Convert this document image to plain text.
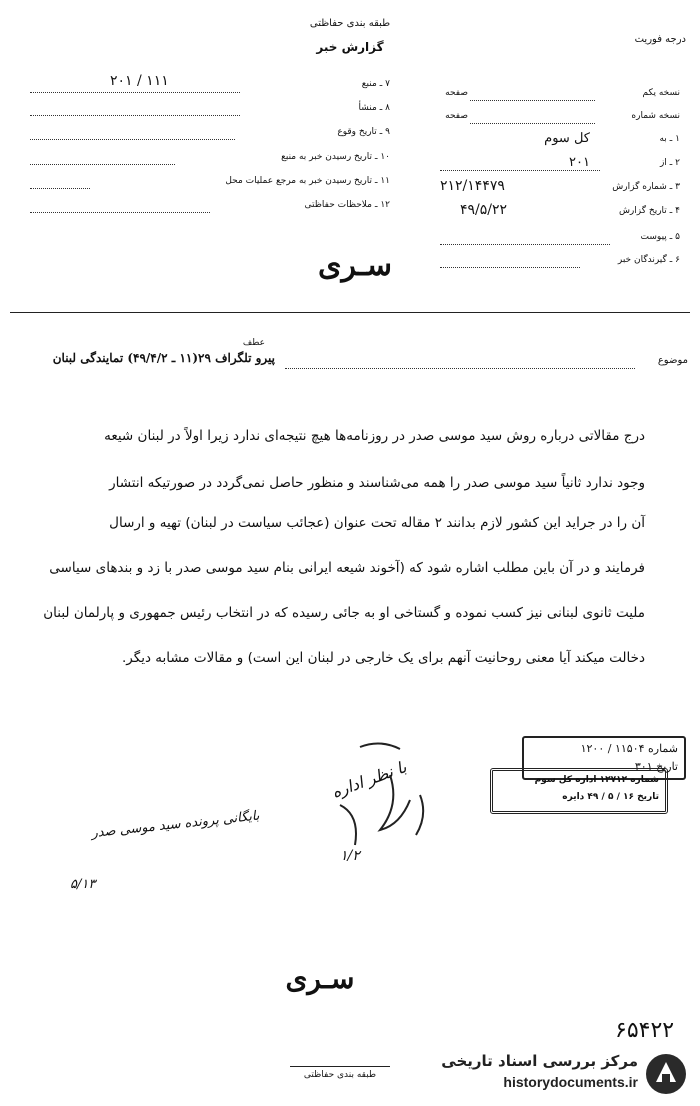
طبقه بندی حفاظتی
گزارش خبر
درجه فوریت
۷ ـ منبع
۲۰۱ / ۱۱۱
۸ ـ منشأ
۹ ـ تاریخ وقوع
۱۰ ـ تاریخ رسیدن خبر به منبع
۱۱ ـ تاریخ رسیدن خبر به مرجع عملیات محل
۱۲ ـ ملاحظات حفاظتی
نسخه یکم
صفحه
نسخه شماره
صفحه
۱ ـ به
کل سوم
۲ ـ از
۲۰۱
۳ ـ شماره گزارش
۲۱۲/۱۴۴۷۹
۴ ـ تاریخ گزارش
۴۹/۵/۲۲
۵ ـ پیوست
۶ ـ گیرندگان خبر
سـری
موضوع
عطف
پیرو تلگراف ۲۹(۱۱ ـ ۴۹/۴/۲) تمایندگی لبنان
درج مقالاتی درباره روش سید موسی صدر در روزنامه‌ها هیچ نتیجه‌ای ندارد زیرا اولاً در لبنان شیعه
وجود ندارد ثانیاً سید موسی صدر را همه می‌شناسند و منظور حاصل نمی‌گردد در صورتیکه انتشار
آن را در جراید این کشور لازم بدانند ۲ مقاله تحت عنوان (عجائب سیاست در لبنان) تهیه و ارسال
فرمایند و در آن باین مطلب اشاره شود که (آخوند شیعه ایرانی بنام سید موسی صدر با زد و بندهای سیاسی
ملیت ثانوی لبنانی نیز کسب نموده و گستاخی او به جائی رسیده که در انتخاب رئیس جمهوری و پارلمان لبنان
دخالت میکند آیا معنی روحانیت آنهم برای یک خارجی در لبنان این است) و مقالات مشابه دیگر.
شماره ۱۱۵۰۴ / ۱۲۰۰
تاریخ ۳۰۱
شماره ۱۲۷۱۲ اداره کل سوم
تاریخ ۱۶ / ۵ / ۴۹ دایره
با نظر اداره
۱/۲
بایگانی پرونده سید موسی صدر
۵/۱۳
سـری
۶۵۴۲۲
طبقه بندی حفاظتی
مرکز بررسی اسناد تاریخی
historydocuments.ir
